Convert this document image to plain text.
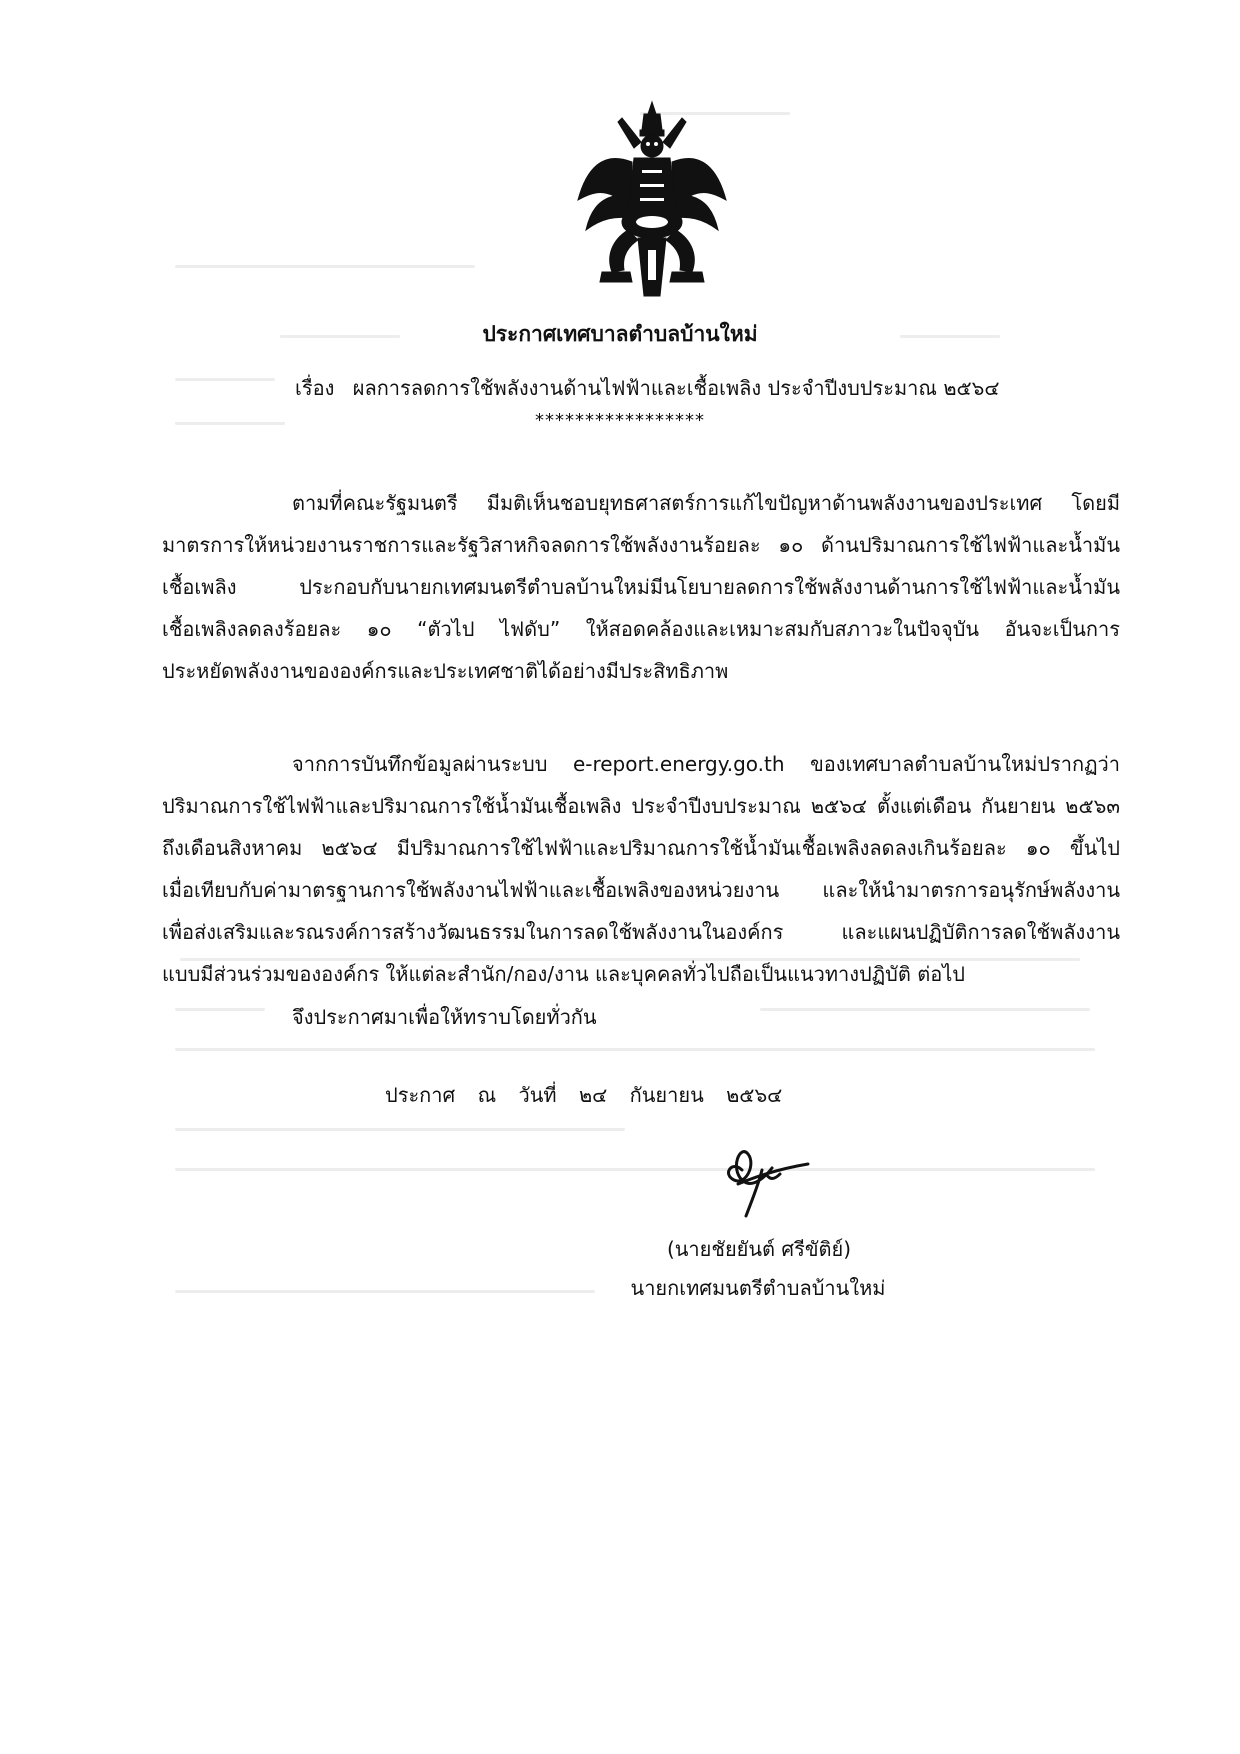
ประกาศเทศบาลตำบลบ้านใหม่
เรื่อง ผลการลดการใช้พลังงานด้านไฟฟ้าและเชื้อเพลิง ประจำปีงบประมาณ ๒๕๖๔
*****************
ตามที่คณะรัฐมนตรี มีมติเห็นชอบยุทธศาสตร์การแก้ไขปัญหาด้านพลังงานของประเทศ โดยมี
มาตรการให้หน่วยงานราชการและรัฐวิสาหกิจลดการใช้พลังงานร้อยละ ๑๐ ด้านปริมาณการใช้ไฟฟ้าและน้ำมัน
เชื้อเพลิง ประกอบกับนายกเทศมนตรีตำบลบ้านใหม่มีนโยบายลดการใช้พลังงานด้านการใช้ไฟฟ้าและน้ำมัน
เชื้อเพลิงลดลงร้อยละ ๑๐ “ตัวไป ไฟดับ” ให้สอดคล้องและเหมาะสมกับสภาวะในปัจจุบัน อันจะเป็นการ
ประหยัดพลังงานขององค์กรและประเทศชาติได้อย่างมีประสิทธิภาพ
จากการบันทึกข้อมูลผ่านระบบ e-report.energy.go.th ของเทศบาลตำบลบ้านใหม่ปรากฏว่า
ปริมาณการใช้ไฟฟ้าและปริมาณการใช้น้ำมันเชื้อเพลิง ประจำปีงบประมาณ ๒๕๖๔ ตั้งแต่เดือน กันยายน ๒๕๖๓
ถึงเดือนสิงหาคม ๒๕๖๔ มีปริมาณการใช้ไฟฟ้าและปริมาณการใช้น้ำมันเชื้อเพลิงลดลงเกินร้อยละ ๑๐ ขึ้นไป
เมื่อเทียบกับค่ามาตรฐานการใช้พลังงานไฟฟ้าและเชื้อเพลิงของหน่วยงาน และให้นำมาตรการอนุรักษ์พลังงาน
เพื่อส่งเสริมและรณรงค์การสร้างวัฒนธรรมในการลดใช้พลังงานในองค์กร และแผนปฏิบัติการลดใช้พลังงาน
แบบมีส่วนร่วมขององค์กร ให้แต่ละสำนัก/กอง/งาน และบุคคลทั่วไปถือเป็นแนวทางปฏิบัติ ต่อไป
จึงประกาศมาเพื่อให้ทราบโดยทั่วกัน
ประกาศ ณ วันที่ ๒๔ กันยายน ๒๕๖๔
(นายชัยยันต์ ศรีขัติย์)
นายกเทศมนตรีตำบลบ้านใหม่
